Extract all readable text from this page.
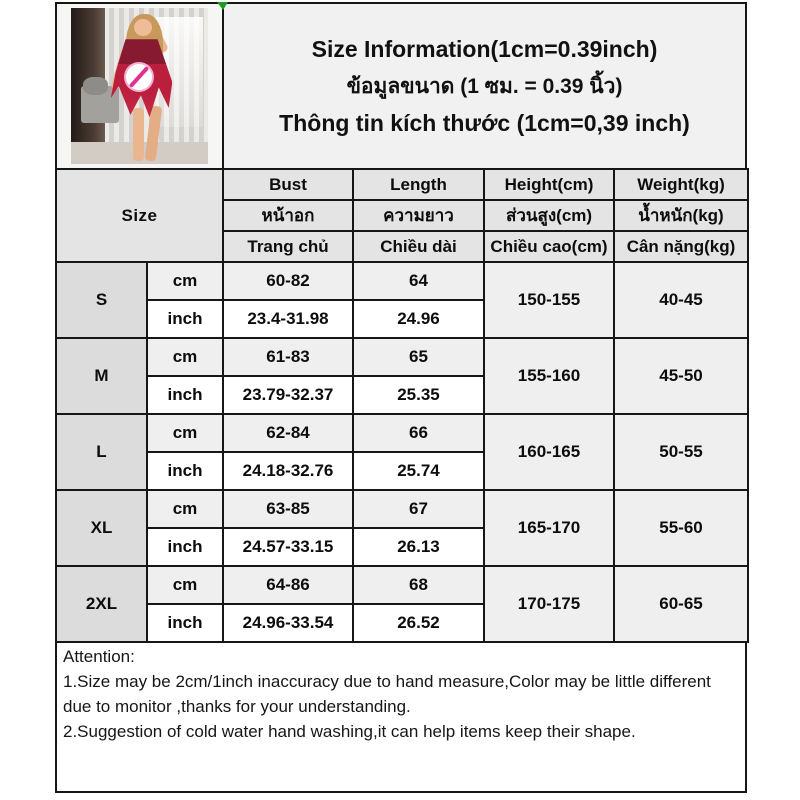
Size Information(1cm=0.39inch)
ข้อมูลขนาด (1 ซม. = 0.39 นิ้ว)
Thông tin kích thước (1cm=0,39 inch)
Size		Bust	Length	Height(cm)	Weight(kg)
		หน้าอก	ความยาว	ส่วนสูง(cm)	น้ำหนัก(kg)
		Trang chủ	Chiều dài	Chiều cao(cm)	Cân nặng(kg)
S	cm	60-82	64	150-155	40-45
	inch	23.4-31.98	24.96		
M	cm	61-83	65	155-160	45-50
	inch	23.79-32.37	25.35		
L	cm	62-84	66	160-165	50-55
	inch	24.18-32.76	25.74		
XL	cm	63-85	67	165-170	55-60
	inch	24.57-33.15	26.13		
2XL	cm	64-86	68	170-175	60-65
	inch	24.96-33.54	26.52		
Attention:
1.Size may be 2cm/1inch inaccuracy due to hand measure,Color may be little different due to monitor ,thanks for your understanding.
2.Suggestion of cold water hand washing,it can help items keep their shape.
